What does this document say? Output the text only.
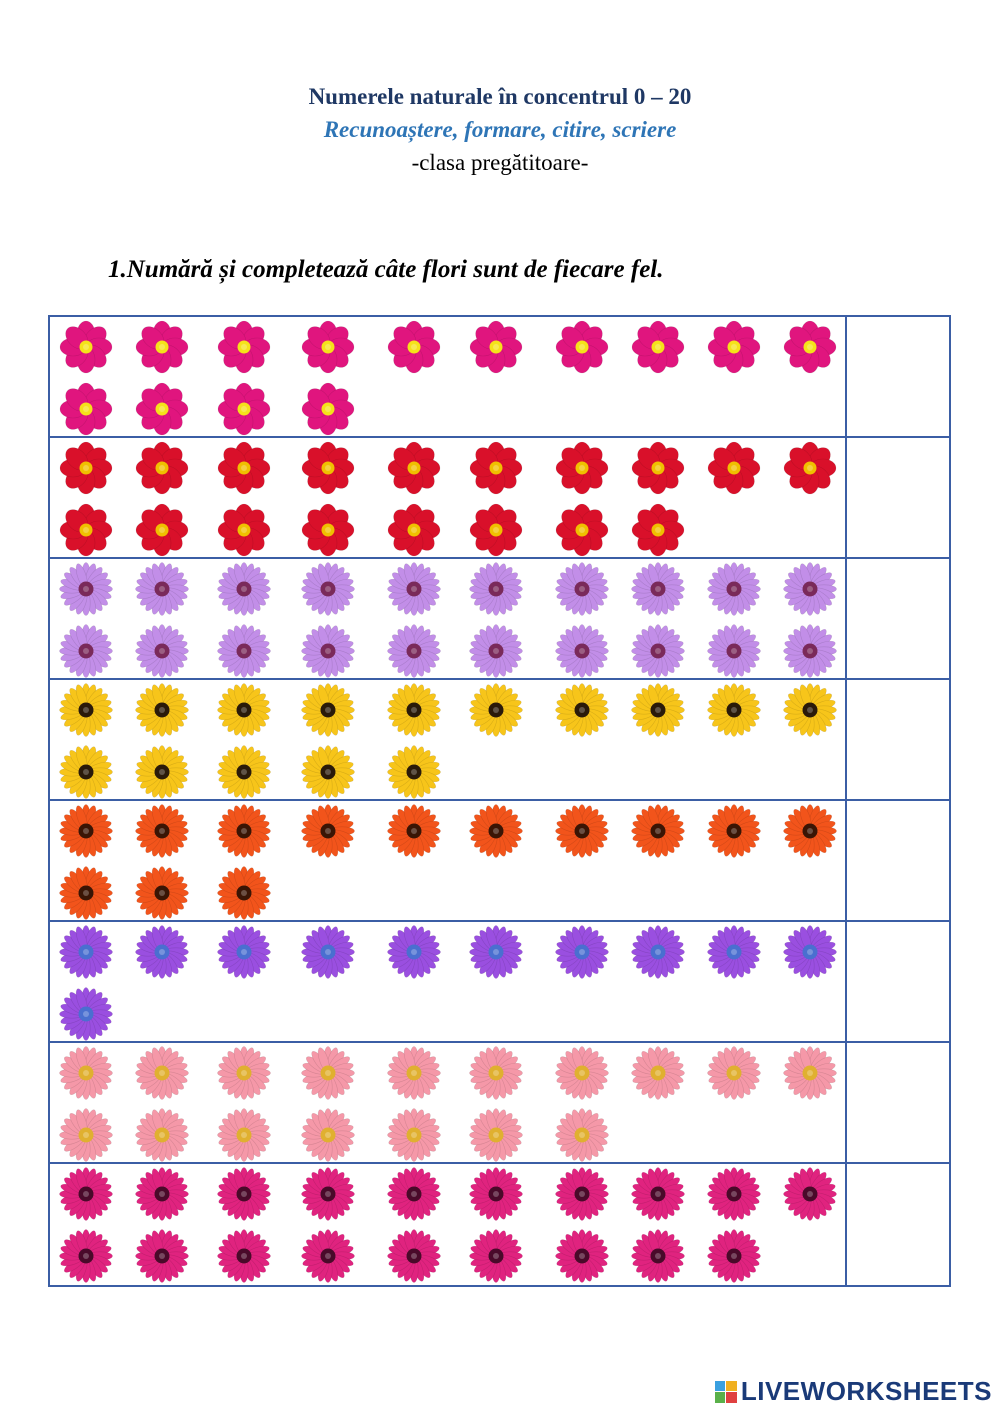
Numerele naturale în concentrul 0 – 20
Recunoaștere, formare, citire, scriere
-clasa pregătitoare-
1.Numără și completează câte flori sunt de fiecare fel.
LIVEWORKSHEETS
